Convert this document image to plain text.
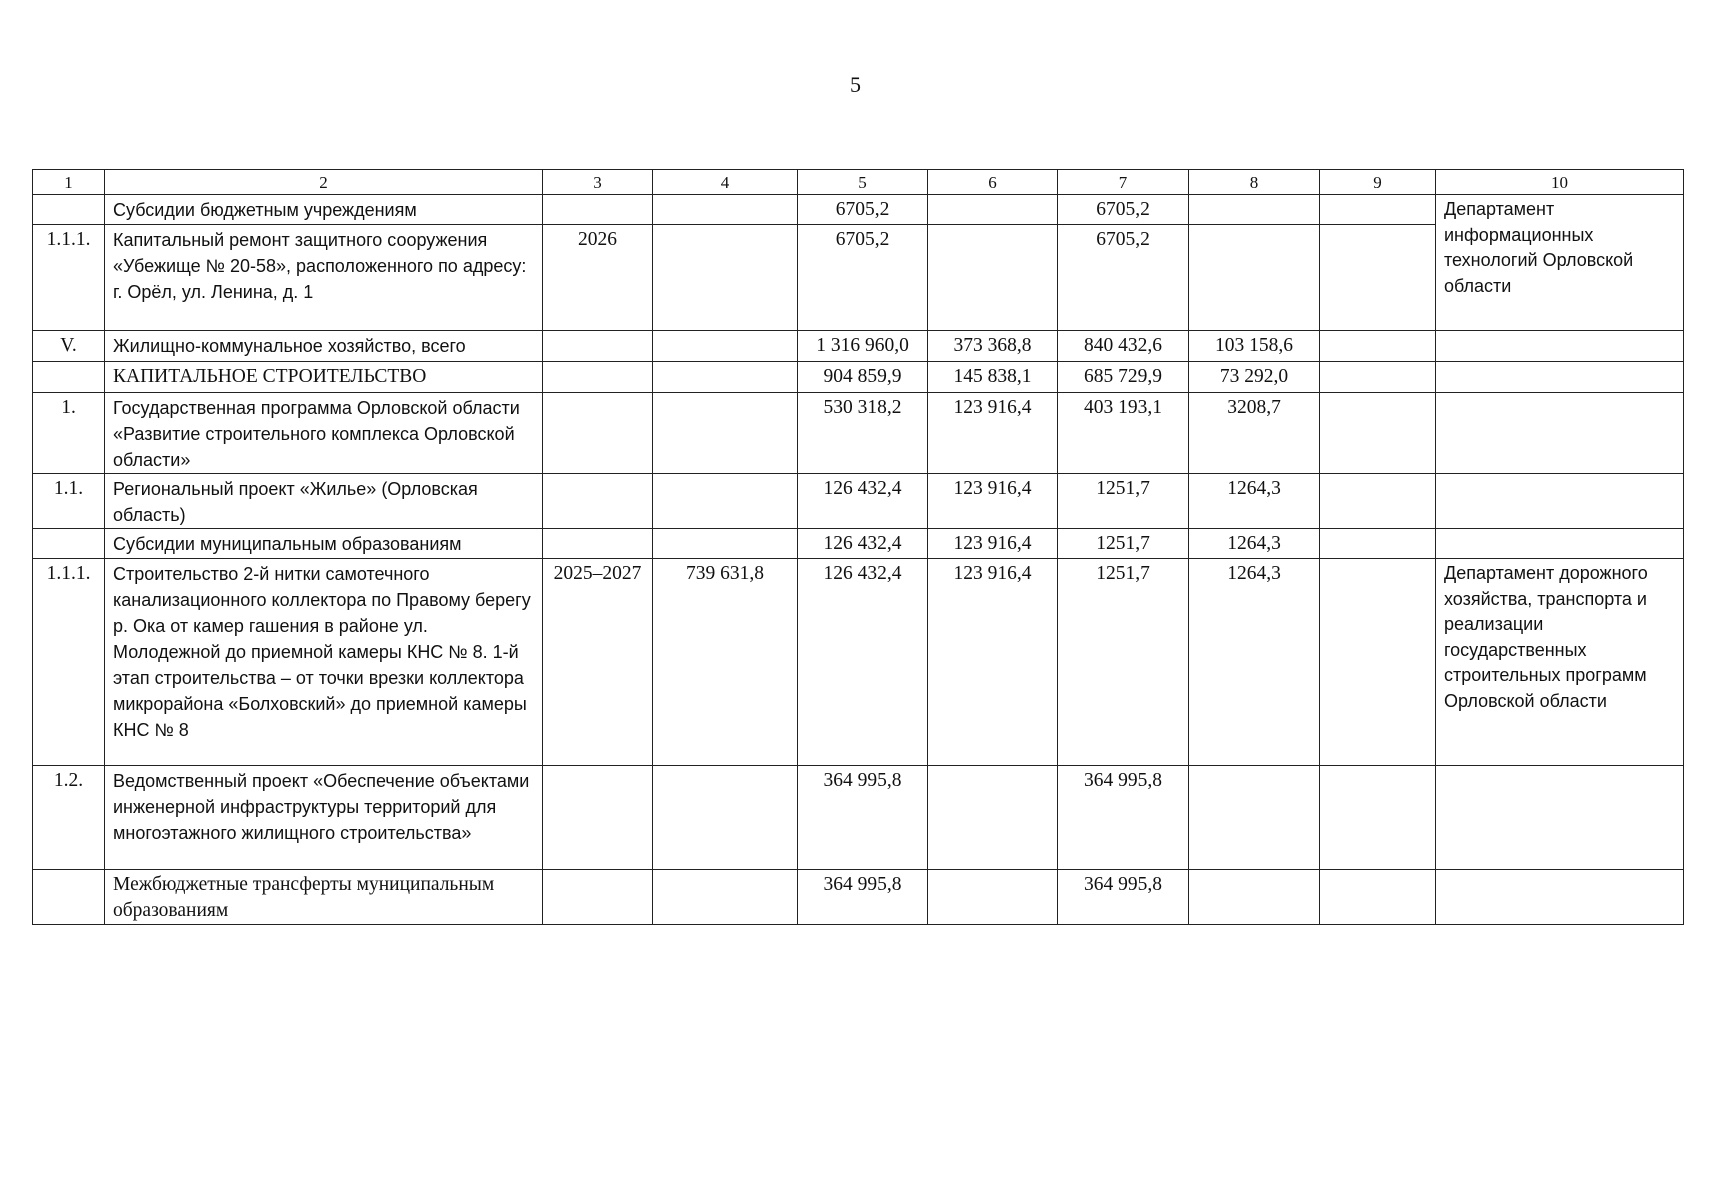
5
1	2	3	4	5	6	7	8	9	10
	Субсидии бюджетным учреждениям			6705,2		6705,2			Департамент информационных технологий Орловской области
1.1.1.	Капитальный ремонт защитного сооружения «Убежище № 20-58», расположенного по адресу: г. Орёл, ул. Ленина, д. 1	2026		6705,2		6705,2			
V.	Жилищно-коммунальное хозяйство, всего			1 316 960,0	373 368,8	840 432,6	103 158,6		
	КАПИТАЛЬНОЕ СТРОИТЕЛЬСТВО			904 859,9	145 838,1	685 729,9	73 292,0		
1.	Государственная программа Орловской области «Развитие строительного комплекса Орловской области»			530 318,2	123 916,4	403 193,1	3208,7		
1.1.	Региональный проект «Жилье» (Орловская область)			126 432,4	123 916,4	1251,7	1264,3		
	Субсидии муниципальным образованиям			126 432,4	123 916,4	1251,7	1264,3		
1.1.1.	Строительство 2-й нитки самотечного канализационного коллектора по Правому берегу р. Ока от камер гашения в районе ул. Молодежной до приемной камеры КНС № 8. 1-й этап строительства – от точки врезки коллектора микрорайона «Болховский» до приемной камеры КНС № 8	2025–2027	739 631,8	126 432,4	123 916,4	1251,7	1264,3		Департамент дорожного хозяйства, транспорта и реализации государственных строительных программ Орловской области
1.2.	Ведомственный проект «Обеспечение объектами инженерной инфраструктуры территорий для многоэтажного жилищного строительства»			364 995,8		364 995,8			
	Межбюджетные трансферты муниципальным образованиям			364 995,8		364 995,8			
